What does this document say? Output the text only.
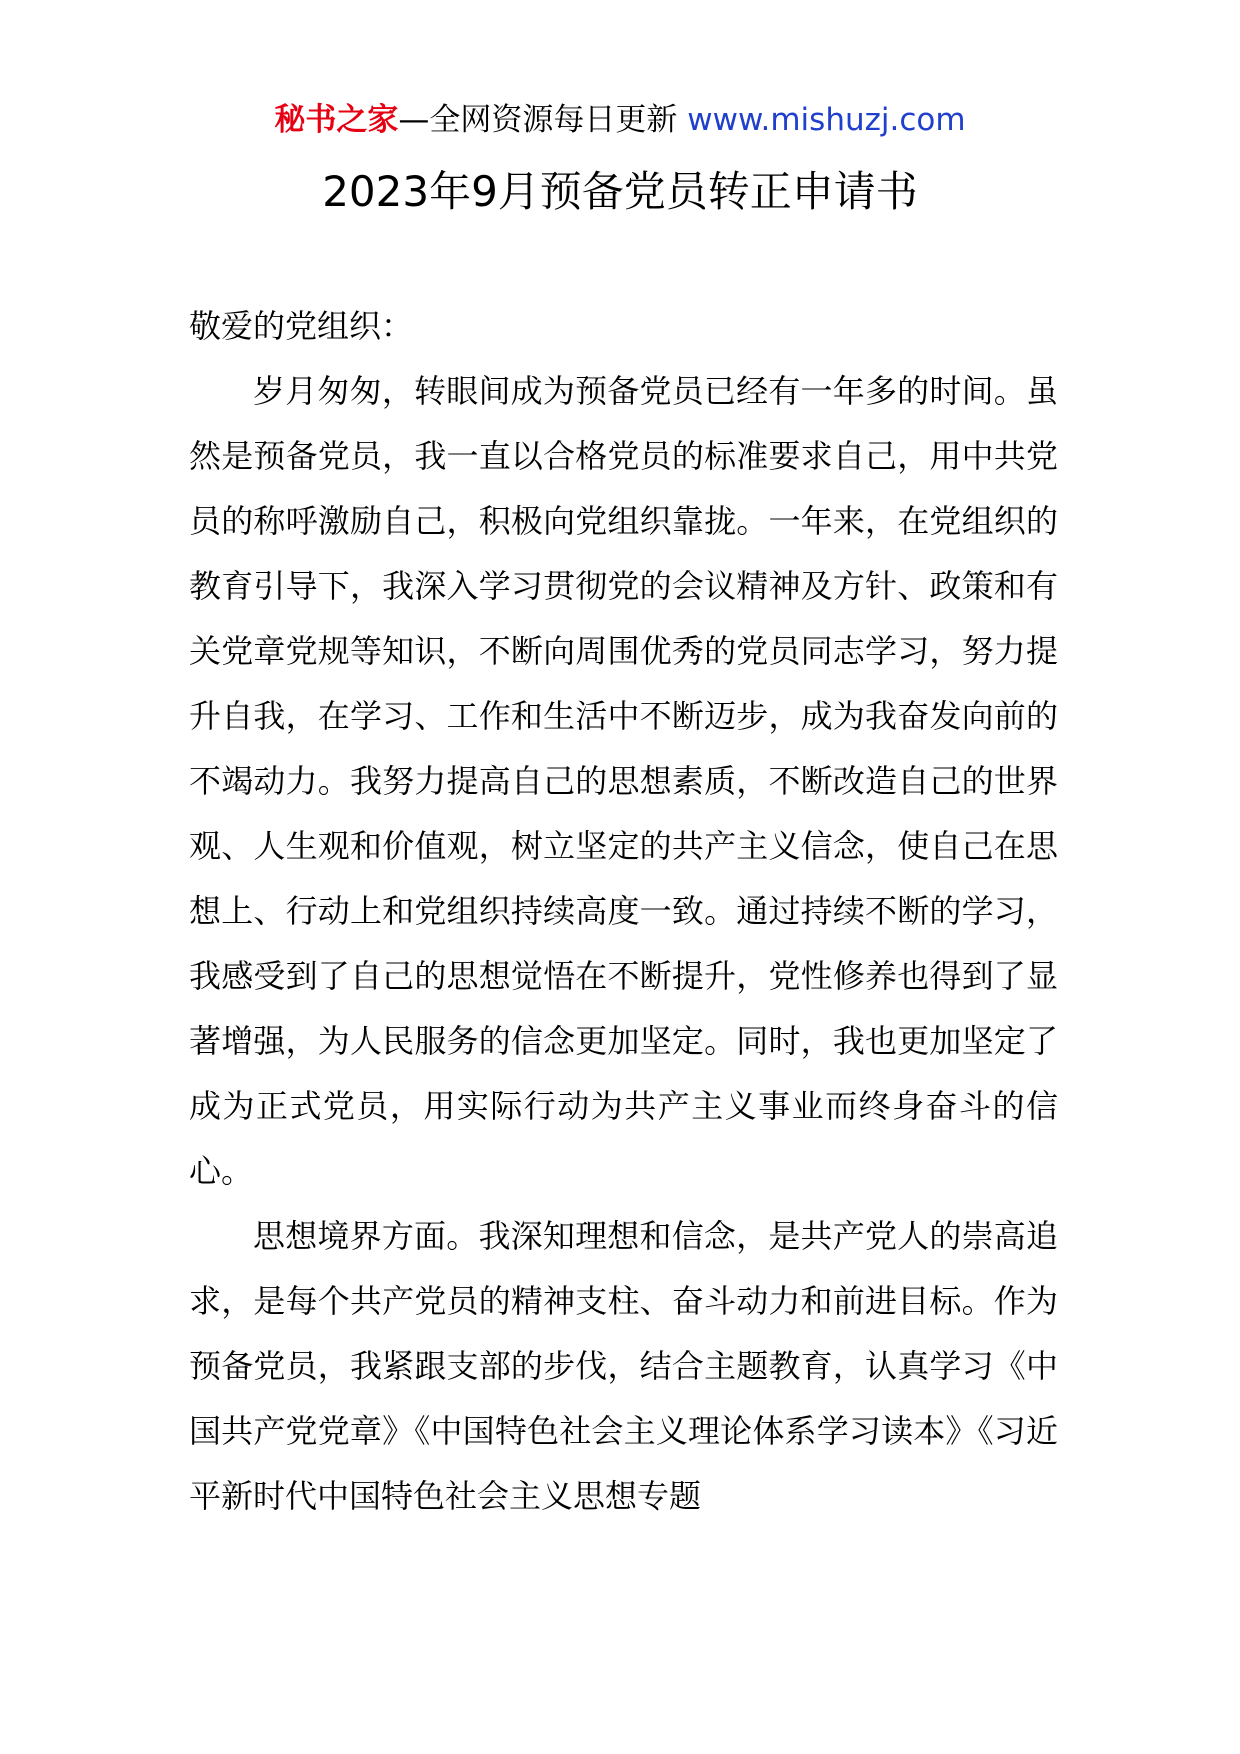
秘书之家—全网资源每日更新 www.mishuzj.com
2023年9月预备党员转正申请书

敬爱的党组织：

岁月匆匆，转眼间成为预备党员已经有一年多的时间。虽然是预备党员，我一直以合格党员的标准要求自己，用中共党员的称呼激励自己，积极向党组织靠拢。一年来，在党组织的教育引导下，我深入学习贯彻党的会议精神及方针、政策和有关党章党规等知识，不断向周围优秀的党员同志学习，努力提升自我，在学习、工作和生活中不断迈步，成为我奋发向前的不竭动力。我努力提高自己的思想素质，不断改造自己的世界观、人生观和价值观，树立坚定的共产主义信念，使自己在思想上、行动上和党组织持续高度一致。通过持续不断的学习，我感受到了自己的思想觉悟在不断提升，党性修养也得到了显著增强，为人民服务的信念更加坚定。同时，我也更加坚定了成为正式党员，用实际行动为共产主义事业而终身奋斗的信心。

思想境界方面。我深知理想和信念，是共产党人的崇高追求，是每个共产党员的精神支柱、奋斗动力和前进目标。作为预备党员，我紧跟支部的步伐，结合主题教育，认真学习《中国共产党党章》《中国特色社会主义理论体系学习读本》《习近平新时代中国特色社会主义思想专题
